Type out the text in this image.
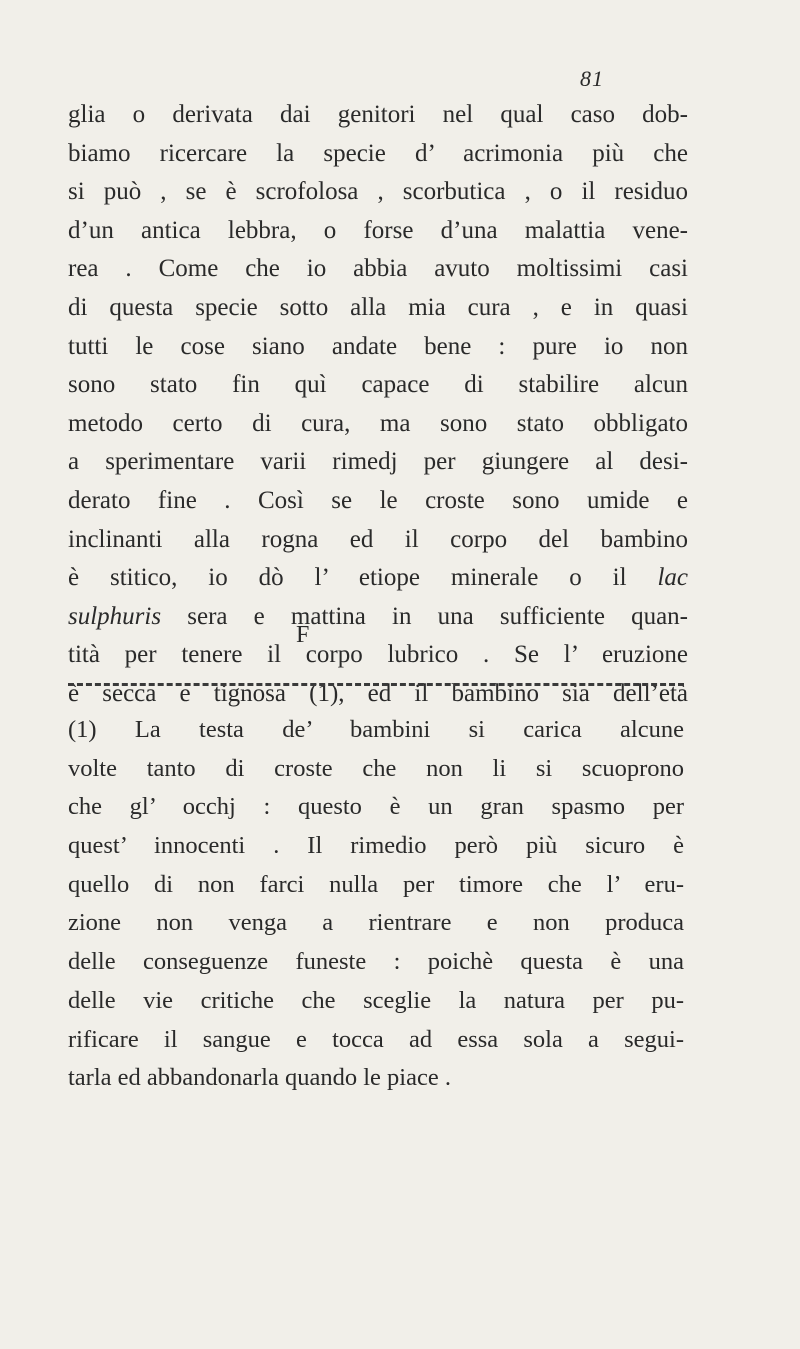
81
glia o derivata dai genitori nel qual caso dob-
biamo ricercare la specie d’ acrimonia più che
si può , se è scrofolosa , scorbutica , o il residuo
d’un antica lebbra, o forse d’una malattia vene-
rea . Come che io abbia avuto moltissimi casi
di questa specie sotto alla mia cura , e in quasi
tutti le cose siano andate bene : pure io non
sono stato fin quì capace di stabilire alcun
metodo certo di cura, ma sono stato obbligato
a sperimentare varii rimedj per giungere al desi-
derato fine . Così se le croste sono umide e
inclinanti alla rogna ed il corpo del bambino
è stitico, io dò l’ etiope minerale o il lac
sulphuris sera e mattina in una sufficiente quan-
tità per tenere il corpo lubrico . Se l’ eruzione
è secca e tignosa (1), ed il bambino sia dell’età
F
(1) La testa de’ bambini si carica alcune
volte tanto di croste che non li si scuoprono
che gl’ occhj : questo è un gran spasmo per
quest’ innocenti . Il rimedio però più sicuro è
quello di non farci nulla per timore che l’ eru-
zione non venga a rientrare e non produca
delle conseguenze funeste : poichè questa è una
delle vie critiche che sceglie la natura per pu-
rificare il sangue e tocca ad essa sola a segui-
tarla ed abbandonarla quando le piace .
